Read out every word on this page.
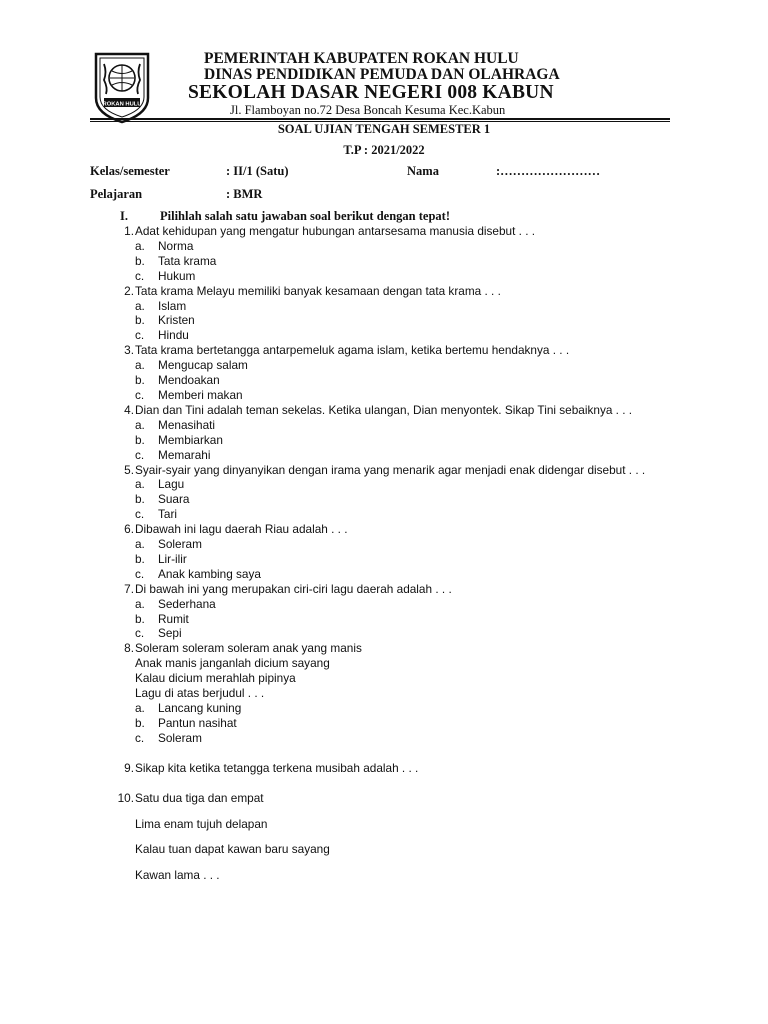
ROKAN HULU
PEMERINTAH KABUPATEN ROKAN HULU
DINAS PENDIDIKAN PEMUDA DAN OLAHRAGA
SEKOLAH DASAR NEGERI 008 KABUN
Jl. Flamboyan no.72 Desa Boncah Kesuma Kec.Kabun
SOAL UJIAN TENGAH SEMESTER 1
T.P : 2021/2022
Kelas/semester	: II/1 (Satu)	Nama	:……………………
Pelajaran	: BMR
I.	Pilihlah salah satu jawaban soal berikut dengan tepat!
1. Adat kehidupan yang mengatur hubungan antarsesama manusia disebut . . .
a. Norma
b. Tata krama
c. Hukum
2. Tata krama Melayu memiliki banyak kesamaan dengan tata krama . . .
a. Islam
b. Kristen
c. Hindu
3. Tata krama bertetangga antarpemeluk agama islam, ketika bertemu hendaknya . . .
a. Mengucap salam
b. Mendoakan
c. Memberi makan
4. Dian dan Tini adalah teman sekelas. Ketika ulangan, Dian menyontek. Sikap Tini sebaiknya . . .
a. Menasihati
b. Membiarkan
c. Memarahi
5. Syair-syair yang dinyanyikan dengan irama yang menarik agar menjadi enak didengar disebut . . .
a. Lagu
b. Suara
c. Tari
6. Dibawah ini lagu daerah Riau adalah . . .
a. Soleram
b. Lir-ilir
c. Anak kambing saya
7. Di bawah ini yang merupakan ciri-ciri lagu daerah adalah . . .
a. Sederhana
b. Rumit
c. Sepi
8. Soleram soleram soleram anak yang manis
Anak manis janganlah dicium sayang
Kalau dicium merahlah pipinya
Lagu di atas berjudul . . .
a. Lancang kuning
b. Pantun nasihat
c. Soleram
9. Sikap kita ketika tetangga terkena musibah adalah . . .
10. Satu dua tiga dan empat
Lima enam tujuh delapan
Kalau tuan dapat kawan baru sayang
Kawan lama . . .
